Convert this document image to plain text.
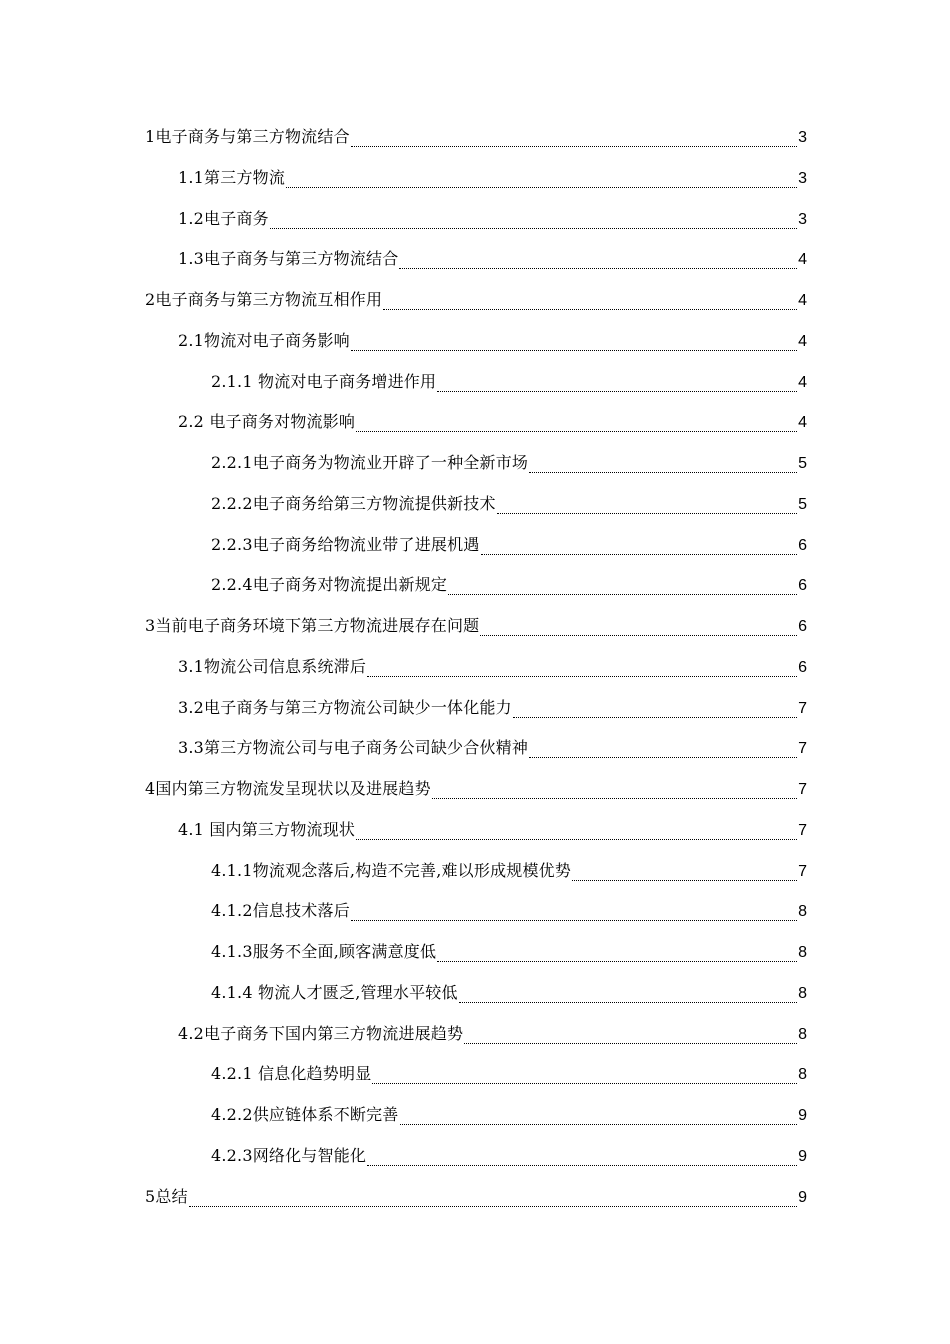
1电子商务与第三方物流结合	3
1.1第三方物流	3
1.2电子商务	3
1.3电子商务与第三方物流结合	4
2电子商务与第三方物流互相作用	4
2.1物流对电子商务影响	4
2.1.1 物流对电子商务增进作用	4
2.2 电子商务对物流影响	4
2.2.1电子商务为物流业开辟了一种全新市场	5
2.2.2电子商务给第三方物流提供新技术	5
2.2.3电子商务给物流业带了进展机遇	6
2.2.4电子商务对物流提出新规定	6
3当前电子商务环境下第三方物流进展存在问题	6
3.1物流公司信息系统滞后	6
3.2电子商务与第三方物流公司缺少一体化能力	7
3.3第三方物流公司与电子商务公司缺少合伙精神	7
4国内第三方物流发呈现状以及进展趋势	7
4.1 国内第三方物流现状	7
4.1.1物流观念落后,构造不完善,难以形成规模优势	7
4.1.2信息技术落后	8
4.1.3服务不全面,顾客满意度低	8
4.1.4 物流人才匮乏,管理水平较低	8
4.2电子商务下国内第三方物流进展趋势	8
4.2.1 信息化趋势明显	8
4.2.2供应链体系不断完善	9
4.2.3网络化与智能化	9
5总结	9
